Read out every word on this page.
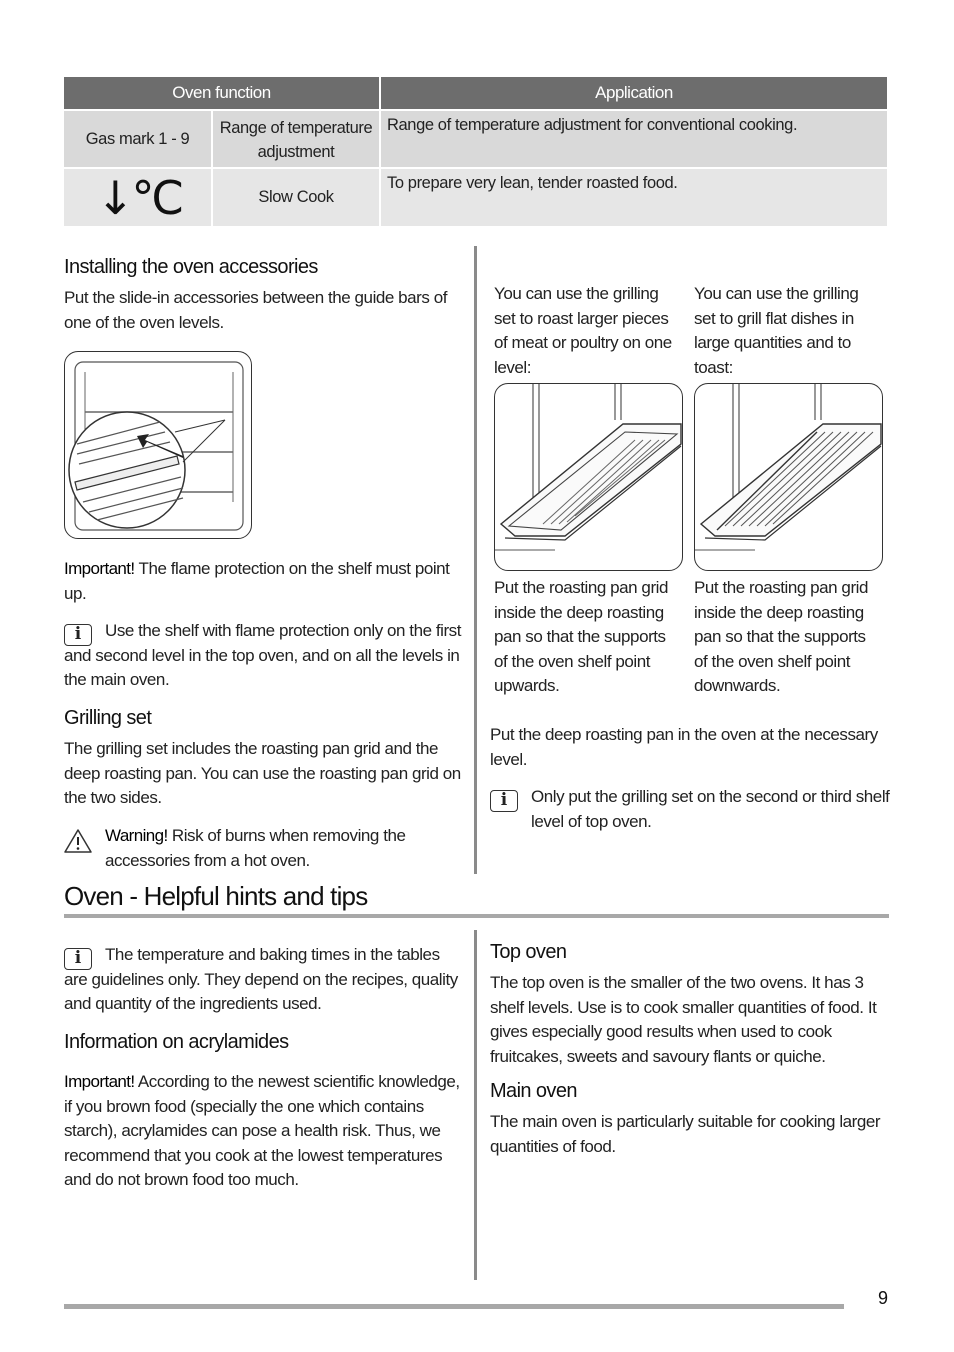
Oven function		Application
Gas mark 1 - 9	Range of temperature adjustment	Range of temperature adjustment for conventional cooking.
↓°C	Slow Cook	To prepare very lean, tender roasted food.
Installing the oven accessories
Put the slide-in accessories between the guide bars of one of the oven levels.
Important! The flame protection on the shelf must point up.
i	Use the shelf with flame protection only on the first and second level in the top oven, and on all the levels in the main oven.
Grilling set
The grilling set includes the roasting pan grid and the deep roasting pan. You can use the roasting pan grid on the two sides.
Warning! Risk of burns when removing the accessories from a hot oven.
You can use the grilling set to roast larger pieces of meat or poultry on one level:
You can use the grilling set to grill flat dishes in large quantities and to toast:
Put the roasting pan grid inside the deep roasting pan so that the supports of the oven shelf point upwards.
Put the roasting pan grid inside the deep roasting pan so that the supports of the oven shelf point downwards.
Put the deep roasting pan in the oven at the necessary level.
i	Only put the grilling set on the second or third shelf level of top oven.
Oven - Helpful hints and tips
i	The temperature and baking times in the tables are guidelines only. They depend on the recipes, quality and quantity of the ingredients used.
Information on acrylamides
Important! According to the newest scientific knowledge, if you brown food (specially the one which contains starch), acrylamides can pose a health risk. Thus, we recommend that you cook at the lowest temperatures and do not brown food too much.
Top oven
The top oven is the smaller of the two ovens. It has 3 shelf levels. Use is to cook smaller quantities of food. It gives especially good results when used to cook fruitcakes, sweets and savoury flants or quiche.
Main oven
The main oven is particularly suitable for cooking larger quantities of food.
9
